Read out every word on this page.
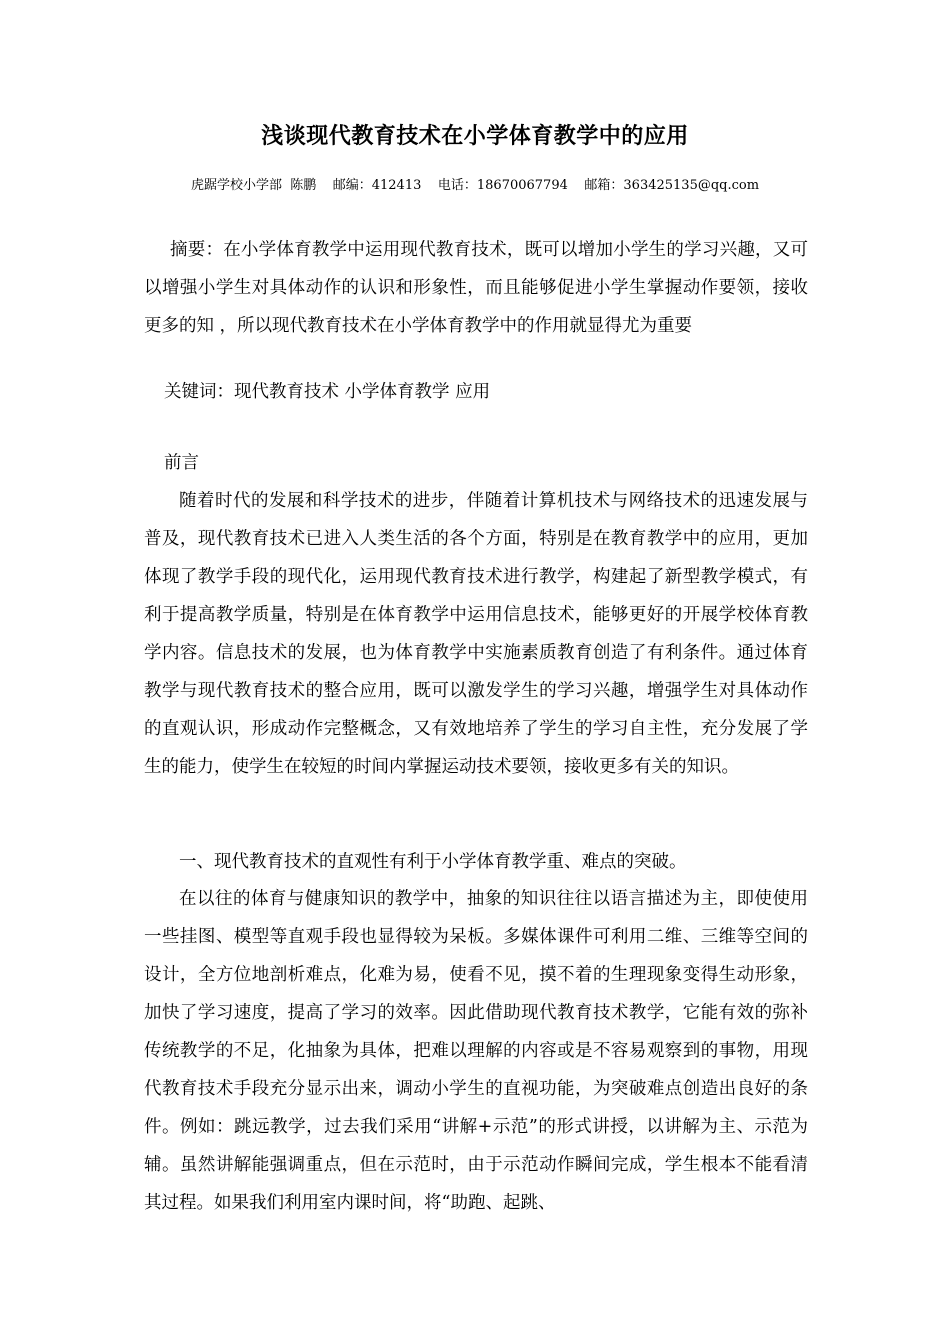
浅谈现代教育技术在小学体育教学中的应用
虎踞学校小学部  陈鹏    邮编：412413    电话：18670067794    邮箱：363425135@qq.com
摘要：在小学体育教学中运用现代教育技术，既可以增加小学生的学习兴趣，又可以增强小学生对具体动作的认识和形象性，而且能够促进小学生掌握动作要领，接收更多的知 ，所以现代教育技术在小学体育教学中的作用就显得尤为重要
关键词：现代教育技术 小学体育教学 应用
前言
随着时代的发展和科学技术的进步，伴随着计算机技术与网络技术的迅速发展与普及，现代教育技术已进入人类生活的各个方面，特别是在教育教学中的应用，更加体现了教学手段的现代化，运用现代教育技术进行教学，构建起了新型教学模式，有利于提高教学质量，特别是在体育教学中运用信息技术，能够更好的开展学校体育教学内容。信息技术的发展，也为体育教学中实施素质教育创造了有利条件。通过体育教学与现代教育技术的整合应用，既可以激发学生的学习兴趣，增强学生对具体动作的直观认识，形成动作完整概念，又有效地培养了学生的学习自主性，充分发展了学生的能力，使学生在较短的时间内掌握运动技术要领，接收更多有关的知识。
一、现代教育技术的直观性有利于小学体育教学重、难点的突破。
在以往的体育与健康知识的教学中，抽象的知识往往以语言描述为主，即使使用一些挂图、模型等直观手段也显得较为呆板。多媒体课件可利用二维、三维等空间的设计，全方位地剖析难点，化难为易，使看不见，摸不着的生理现象变得生动形象，加快了学习速度，提高了学习的效率。因此借助现代教育技术教学，它能有效的弥补传统教学的不足，化抽象为具体，把难以理解的内容或是不容易观察到的事物，用现代教育技术手段充分显示出来，调动小学生的直视功能，为突破难点创造出良好的条件。例如：跳远教学，过去我们采用“讲解+示范”的形式讲授，以讲解为主、示范为辅。虽然讲解能强调重点，但在示范时，由于示范动作瞬间完成，学生根本不能看清其过程。如果我们利用室内课时间，将“助跑、起跳、
